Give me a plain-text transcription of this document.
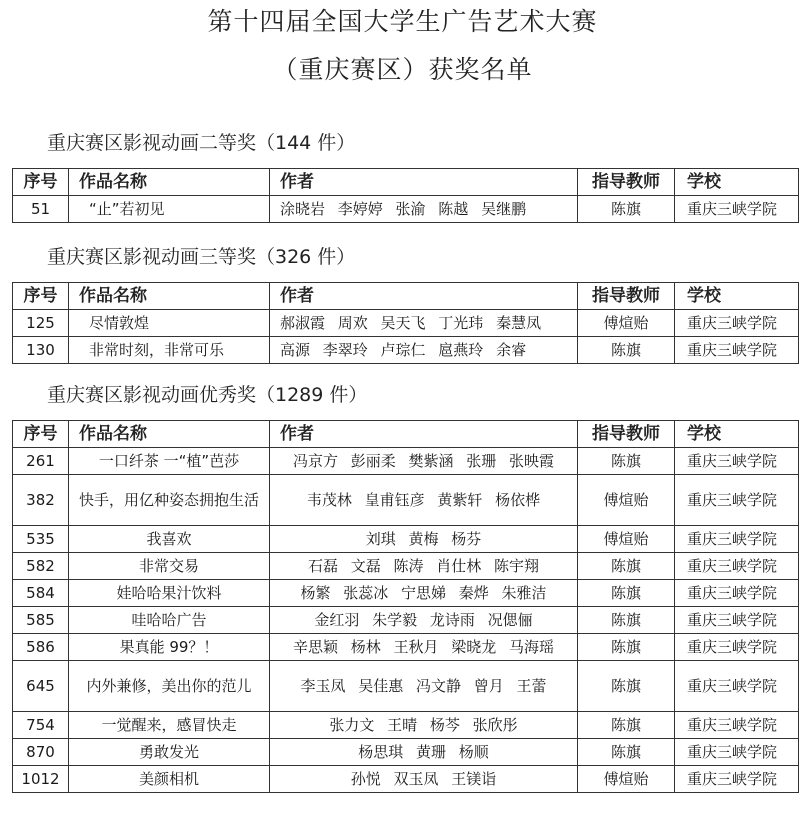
第十四届全国大学生广告艺术大赛
（重庆赛区）获奖名单
重庆赛区影视动画二等奖（144 件）
序号	作品名称	作者	指导教师	学校
51	“止”若初见	涂晓岩 李婷婷 张渝 陈越 吴继鹏	陈旗	重庆三峡学院
重庆赛区影视动画三等奖（326 件）
序号	作品名称	作者	指导教师	学校
125	尽情敦煌	郝淑霞 周欢 吴天飞 丁光玮 秦慧凤	傅煊贻	重庆三峡学院
130	非常时刻，非常可乐	高源 李翠玲 卢琮仁 扈燕玲 余睿	陈旗	重庆三峡学院
重庆赛区影视动画优秀奖（1289 件）
序号	作品名称	作者	指导教师	学校
261	一口纤茶 一“植”芭莎	冯京方 彭丽柔 樊紫涵 张珊 张映霞	陈旗	重庆三峡学院
382	快手，用亿种姿态拥抱生活	韦茂林 皇甫钰彦 黄紫轩 杨依桦	傅煊贻	重庆三峡学院
535	我喜欢	刘琪 黄梅 杨芬	傅煊贻	重庆三峡学院
582	非常交易	石磊 文磊 陈涛 肖仕林 陈宇翔	陈旗	重庆三峡学院
584	娃哈哈果汁饮料	杨繁 张蕊冰 宁思娣 秦烨 朱雅洁	陈旗	重庆三峡学院
585	哇哈哈广告	金红羽 朱学毅 龙诗雨 况偲俪	陈旗	重庆三峡学院
586	果真能 99？！	辛思颖 杨林 王秋月 梁晓龙 马海瑶	陈旗	重庆三峡学院
645	内外兼修，美出你的范儿	李玉凤 吴佳惠 冯文静 曾月 王蕾	陈旗	重庆三峡学院
754	一觉醒来，感冒快走	张力文 王晴 杨芩 张欣彤	陈旗	重庆三峡学院
870	勇敢发光	杨思琪 黄珊 杨顺	陈旗	重庆三峡学院
1012	美颜相机	孙悦 双玉凤 王镁诣	傅煊贻	重庆三峡学院
